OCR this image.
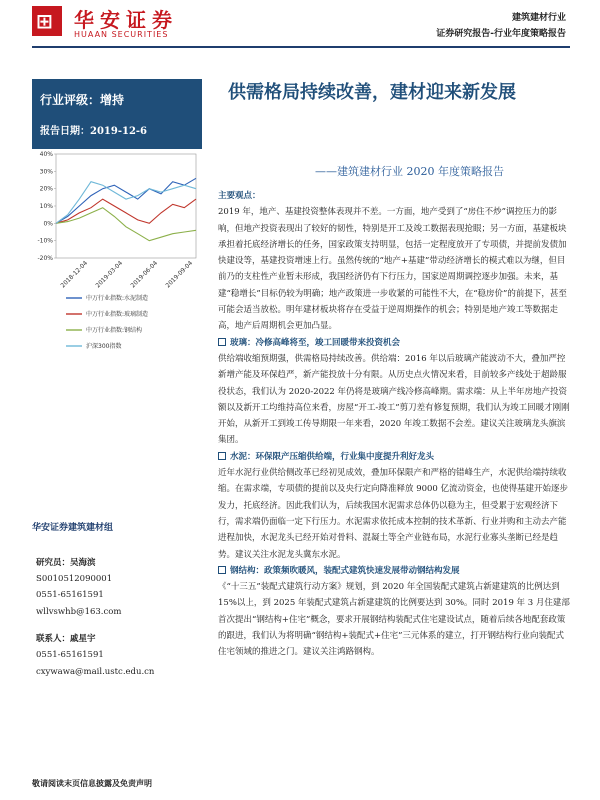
⊞ 华安证券
HUAAN SECURITIES
建筑建材行业
证券研究报告-行业年度策略报告
行业评级：增持
报告日期：2019-12-6
-20%
-10%
0%
10%
20%
30%
40%
2018-12-04 2019-03-04 2019-06-04 2019-09-04
中万行业指数:水泥制造
中万行业指数:玻璃制造
中万行业指数:钢结构
沪深300指数
华安证券建筑建材组
研究员：吴海滨
S0010512090001
0551-65161591
wllvswhb@163.com
联系人：戚星宇
0551-65161591
cxywawa@mail.ustc.edu.cn
供需格局持续改善，建材迎来新发展
——建筑建材行业 2020 年度策略报告

主要观点：

2019 年，地产、基建投资整体表现并不差。一方面，地产受到了“房住不炒”调控压力的影响，但地产投资表现出了较好的韧性，特别是开工及竣工数据表现抢眼；另一方面，基建板块承担着托底经济增长的任务，国家政策支持明显，包括一定程度放开了专项债，并提前发债加快建设等，基建投资增速上行。虽然传统的“地产+基建”带动经济增长的模式难以为继，但目前乃的支柱性产业暂未形成，我国经济仍有下行压力，国家逆周期调控逐步加强。未来，基建“稳增长”目标仍较为明确；地产政策进一步收紧的可能性不大，在“稳房价”的前提下，甚至可能会适当放松。明年建材板块将存在受益于逆周期操作的机会；特别是地产竣工等数据走高，地产后周期机会更加凸显。

玻璃：冷修高峰将至，竣工回暖带来投资机会

供给端收缩预期强，供需格局持续改善。供给端：2016 年以后玻璃产能波动不大，叠加严控新增产能及环保趋严，新产能投放十分有限。从历史点火情况来看，目前较多产线处于超龄服役状态，我们认为 2020-2022 年仍将是玻璃产线冷修高峰期。需求端：从上半年房地产投资额以及新开工均维持高位来看，房屋“开工-竣工”剪刀差有修复预期，我们认为竣工回暖才刚刚开始，从新开工到竣工传导期限一年来看，2020 年竣工数据不会差。建议关注玻璃龙头旗滨集团。

水泥：环保限产压缩供给端，行业集中度提升利好龙头

近年水泥行业供给侧改革已经初见成效，叠加环保限产和严格的错峰生产，水泥供给端持续收缩。在需求端，专项债的提前以及央行定向降准释放 9000 亿流动资金，也使得基建开始逐步发力，托底经济。因此我们认为，后续我国水泥需求总体仍以稳为主，但受累于宏观经济下行，需求端仍面临一定下行压力。水泥需求依托成本控制的技术革新、行业并购和主动去产能进程加快，水泥龙头已经开始对骨料、混凝土等全产业链布局，水泥行业寡头垄断已经是趋势。建议关注水泥龙头冀东水泥。

钢结构：政策频吹暖风，装配式建筑快速发展带动钢结构发展

《“十三五”装配式建筑行动方案》规划，到 2020 年全国装配式建筑占新建建筑的比例达到 15%以上，到 2025 年装配式建筑占新建建筑的比例要达到 30%。同时 2019 年 3 月住建部首次提出“钢结构+住宅”概念，要求开展钢结构装配式住宅建设试点，随着后续各地配套政策的跟进，我们认为将明确“钢结构+装配式+住宅”三元体系的建立，打开钢结构行业向装配式住宅领域的推进之门。建议关注鸿路钢构。

敬请阅读末页信息披露及免责声明
